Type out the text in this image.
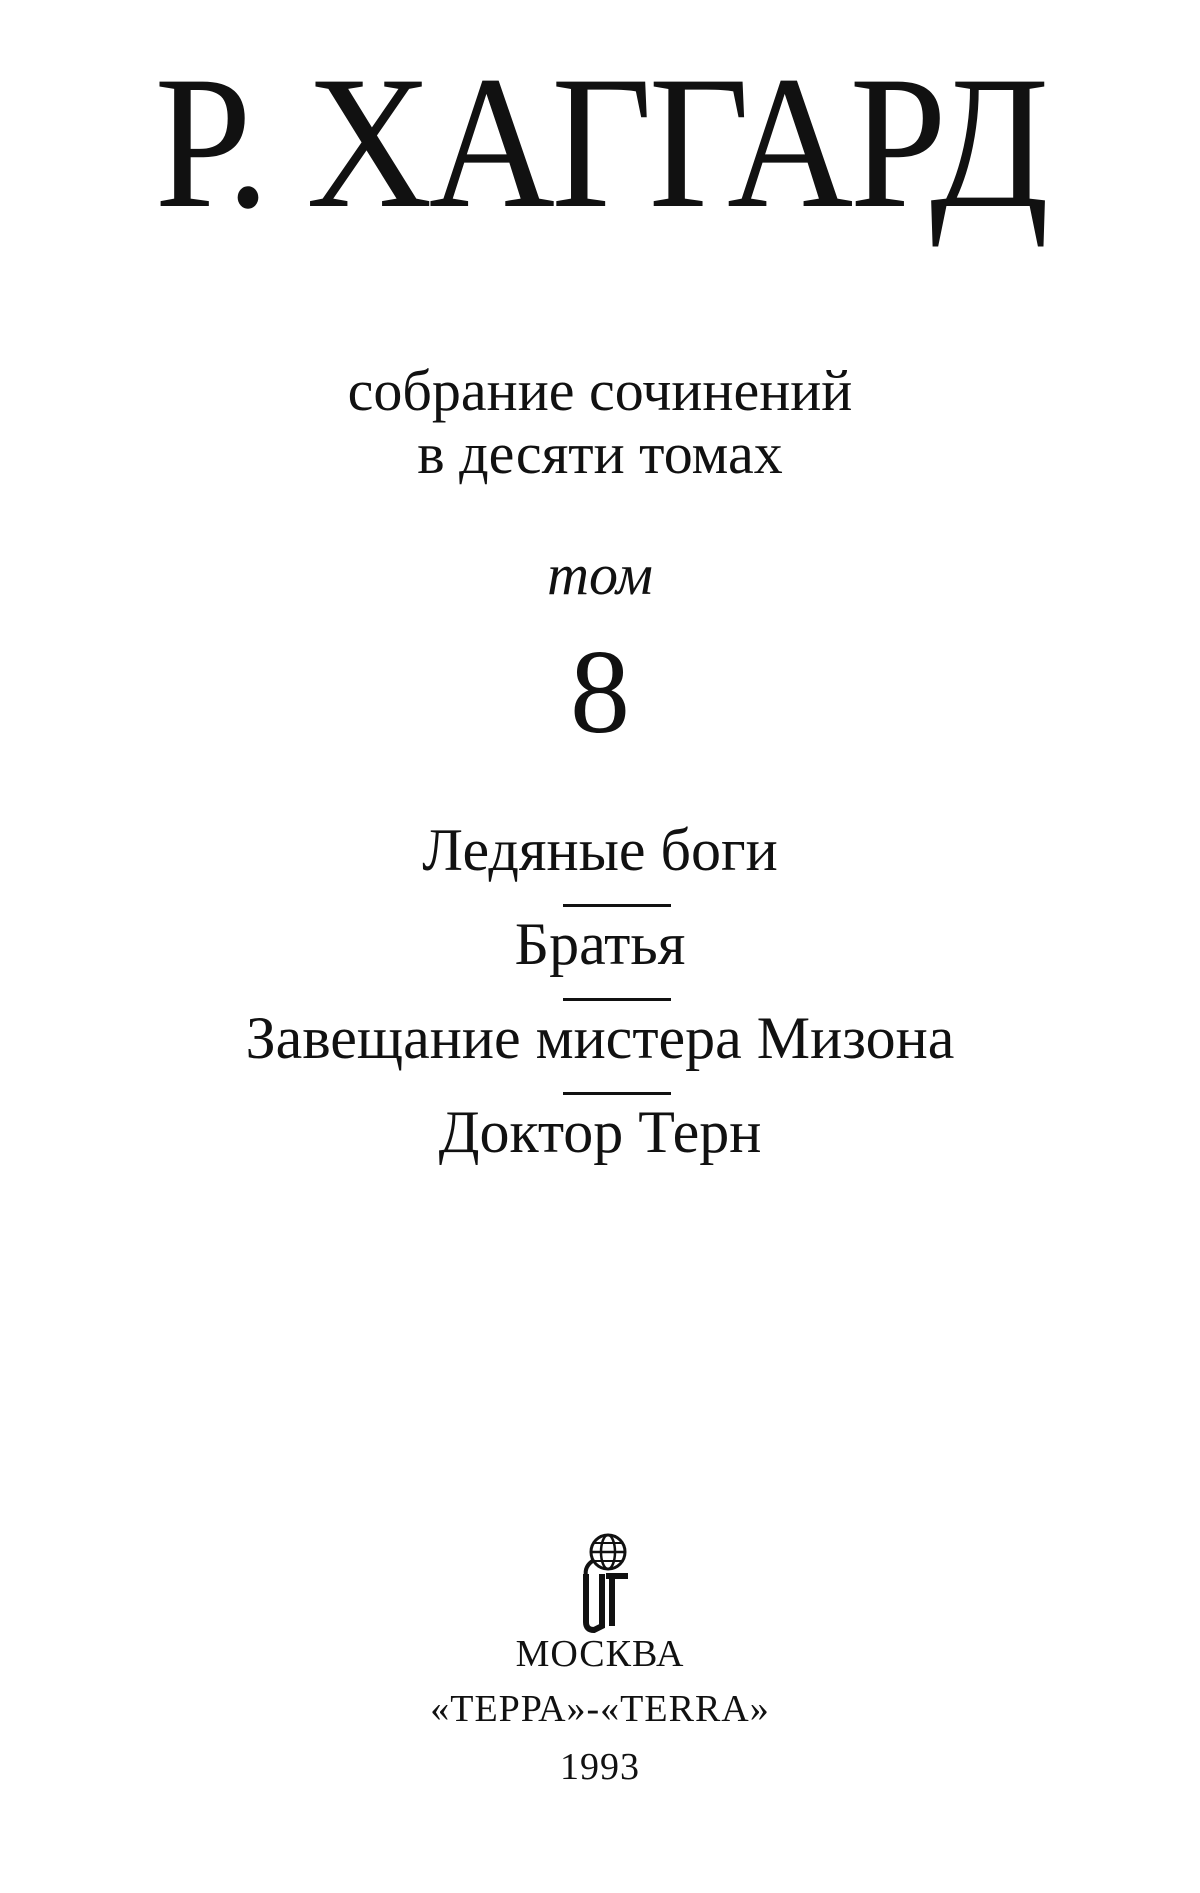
Р. ХАГГАРД
собрание сочинений
в десяти томах
том
8
Ледяные боги
Братья
Завещание мистера Мизона
Доктор Терн
МОСКВА
«ТЕРРА»-«TERRA»
1993
